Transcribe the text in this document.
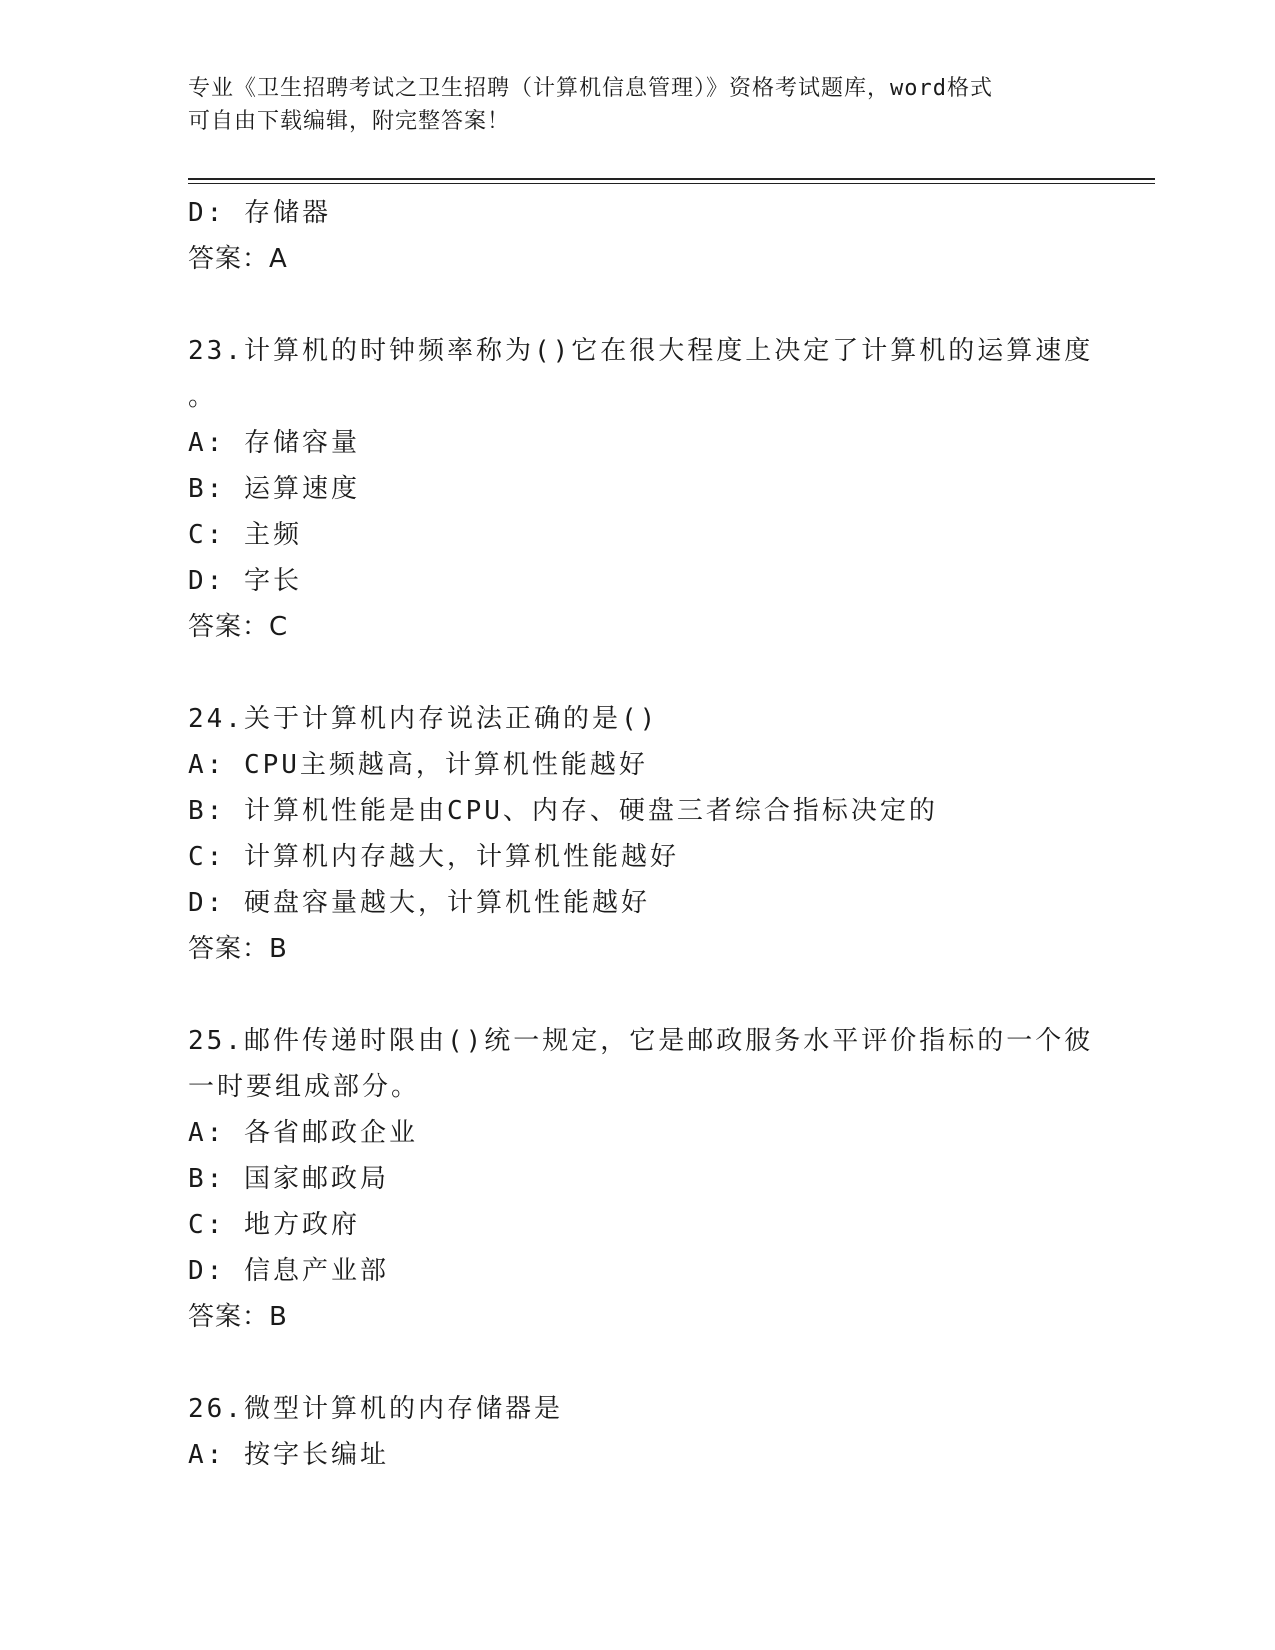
专业《卫生招聘考试之卫生招聘（计算机信息管理）》资格考试题库，word格式
可自由下载编辑，附完整答案！
D: 存储器
答案：A
23.计算机的时钟频率称为()它在很大程度上决定了计算机的运算速度
。
A: 存储容量
B: 运算速度
C: 主频
D: 字长
答案：C
24.关于计算机内存说法正确的是()
A: CPU主频越高，计算机性能越好
B: 计算机性能是由CPU、内存、硬盘三者综合指标决定的
C: 计算机内存越大，计算机性能越好
D: 硬盘容量越大，计算机性能越好
答案：B
25.邮件传递时限由()统一规定，它是邮政服务水平评价指标的一个彼
一时要组成部分。
A: 各省邮政企业
B: 国家邮政局
C: 地方政府
D: 信息产业部
答案：B
26.微型计算机的内存储器是
A: 按字长编址
